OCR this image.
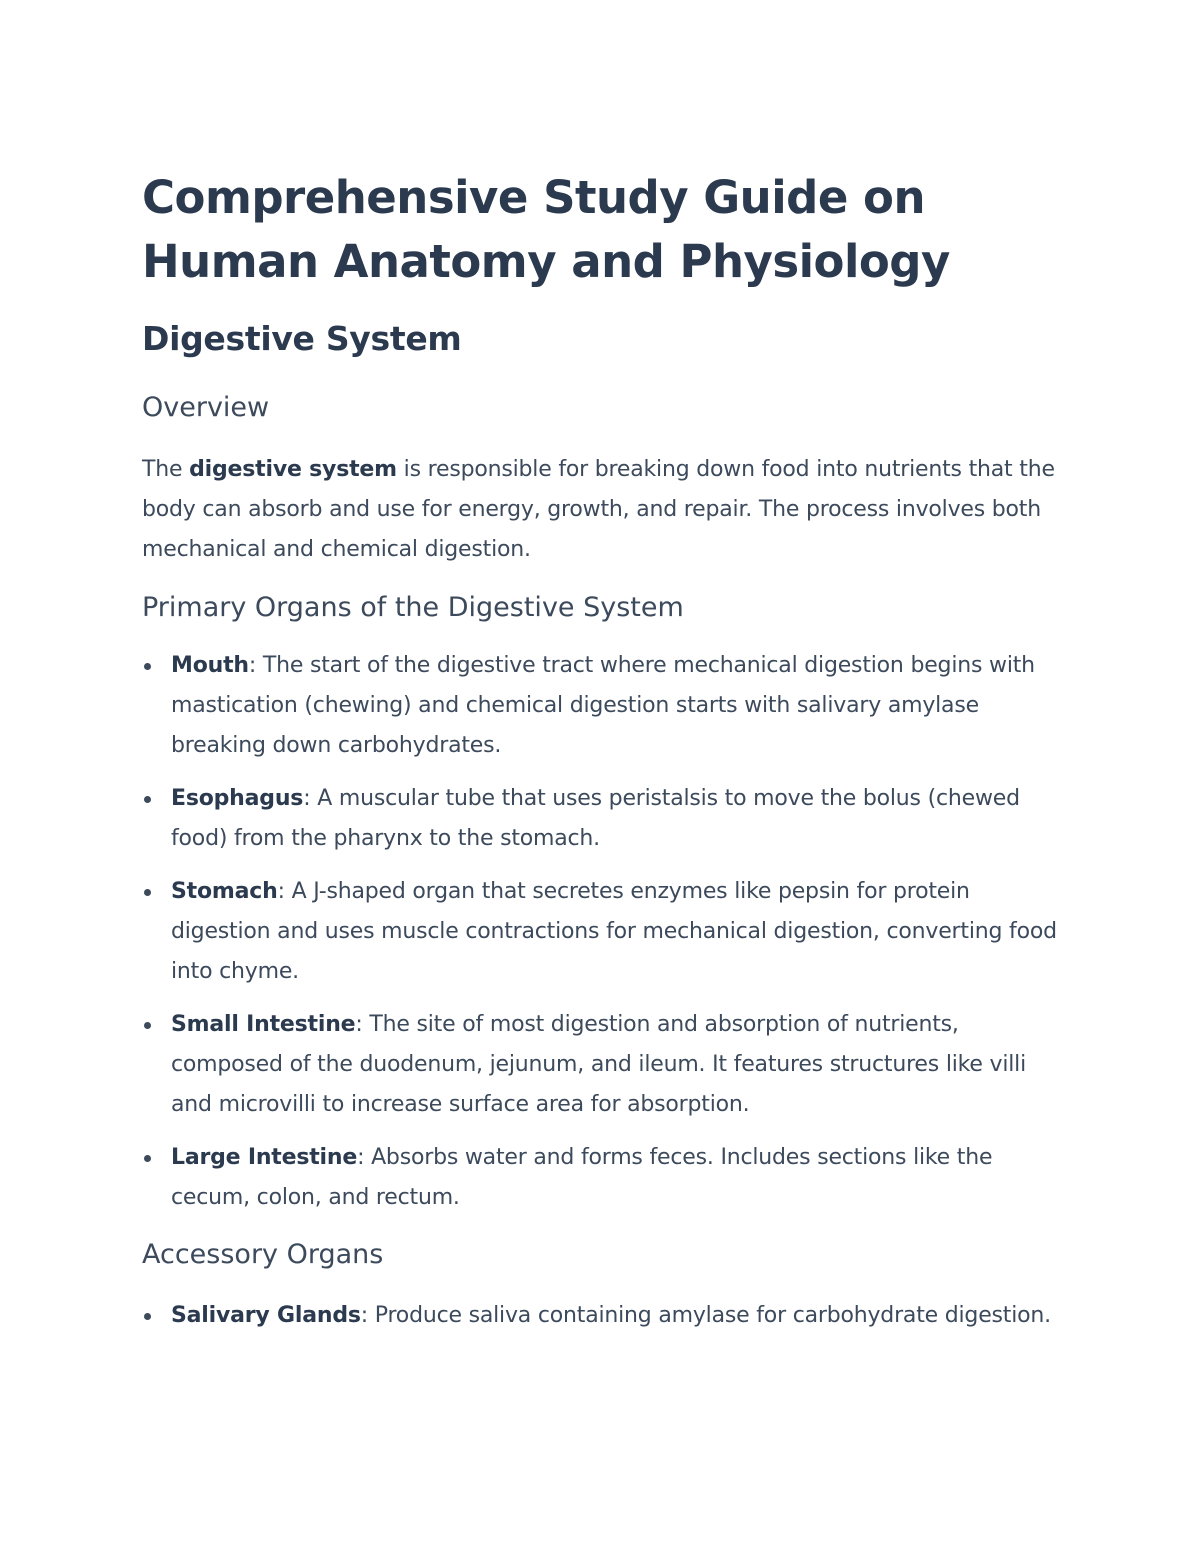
Comprehensive Study Guide on Human Anatomy and Physiology
Digestive System
Overview

The digestive system is responsible for breaking down food into nutrients that the body can absorb and use for energy, growth, and repair. The process involves both mechanical and chemical digestion.

Primary Organs of the Digestive System
Mouth: The start of the digestive tract where mechanical digestion begins with mastication (chewing) and chemical digestion starts with salivary amylase breaking down carbohydrates.
Esophagus: A muscular tube that uses peristalsis to move the bolus (chewed food) from the pharynx to the stomach.
Stomach: A J-shaped organ that secretes enzymes like pepsin for protein digestion and uses muscle contractions for mechanical digestion, converting food into chyme.
Small Intestine: The site of most digestion and absorption of nutrients, composed of the duodenum, jejunum, and ileum. It features structures like villi and microvilli to increase surface area for absorption.
Large Intestine: Absorbs water and forms feces. Includes sections like the cecum, colon, and rectum.
Accessory Organs
Salivary Glands: Produce saliva containing amylase for carbohydrate digestion.
